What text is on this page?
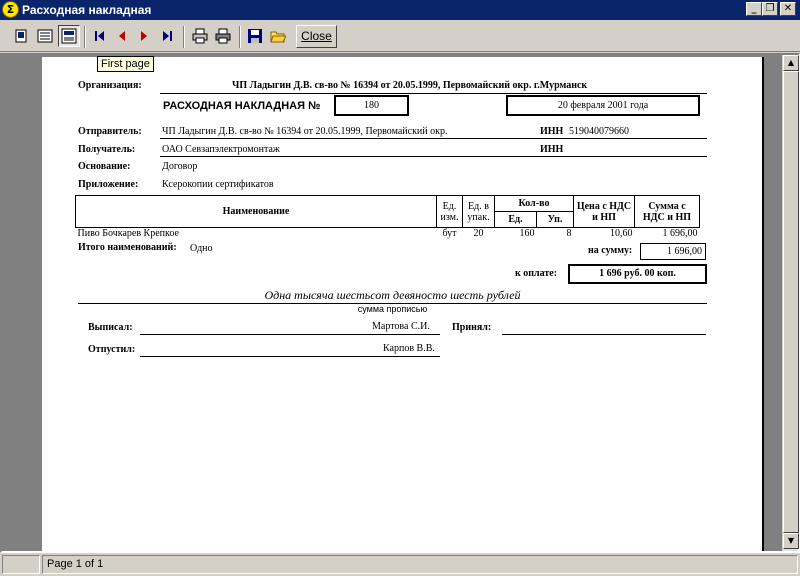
Σ Расходная накладная	_ ❐ ✕
Close
First page
Организация:	ЧП Ладыгин Д.В. св-во № 16394 от 20.05.1999, Первомайский окр. г.Мурманск
РАСХОДНАЯ НАКЛАДНАЯ №	180	20 февраля 2001 года
Отправитель: ЧП Ладыгин Д.В. св-во № 16394 от 20.05.1999, Первомайский окр.	ИНН 519040079660
Получатель:	ОАО Севзапэлектромонтаж	ИНН
Основание:	Договор
Приложение: Ксерокопии сертификатов
Наименование	Ед. изм.	Ед. в упак.	Кол-во		Цена с НДС и НП	Сумма с НДС и НП
			Ед.	Уп.		
Пиво Бочкарев Крепкое	бут	20	160	8	10,60	1 696,00
Итого наименований: Одно	на сумму:	1 696,00
к оплате:	1 696 руб. 00 коп.
Одна тысяча шестьсот девяносто шесть рублей
сумма прописью
Выписал:	Мартова С.И. Принял:
Отпустил:	Карпов В.В.
▲
▼
Page 1 of 1
